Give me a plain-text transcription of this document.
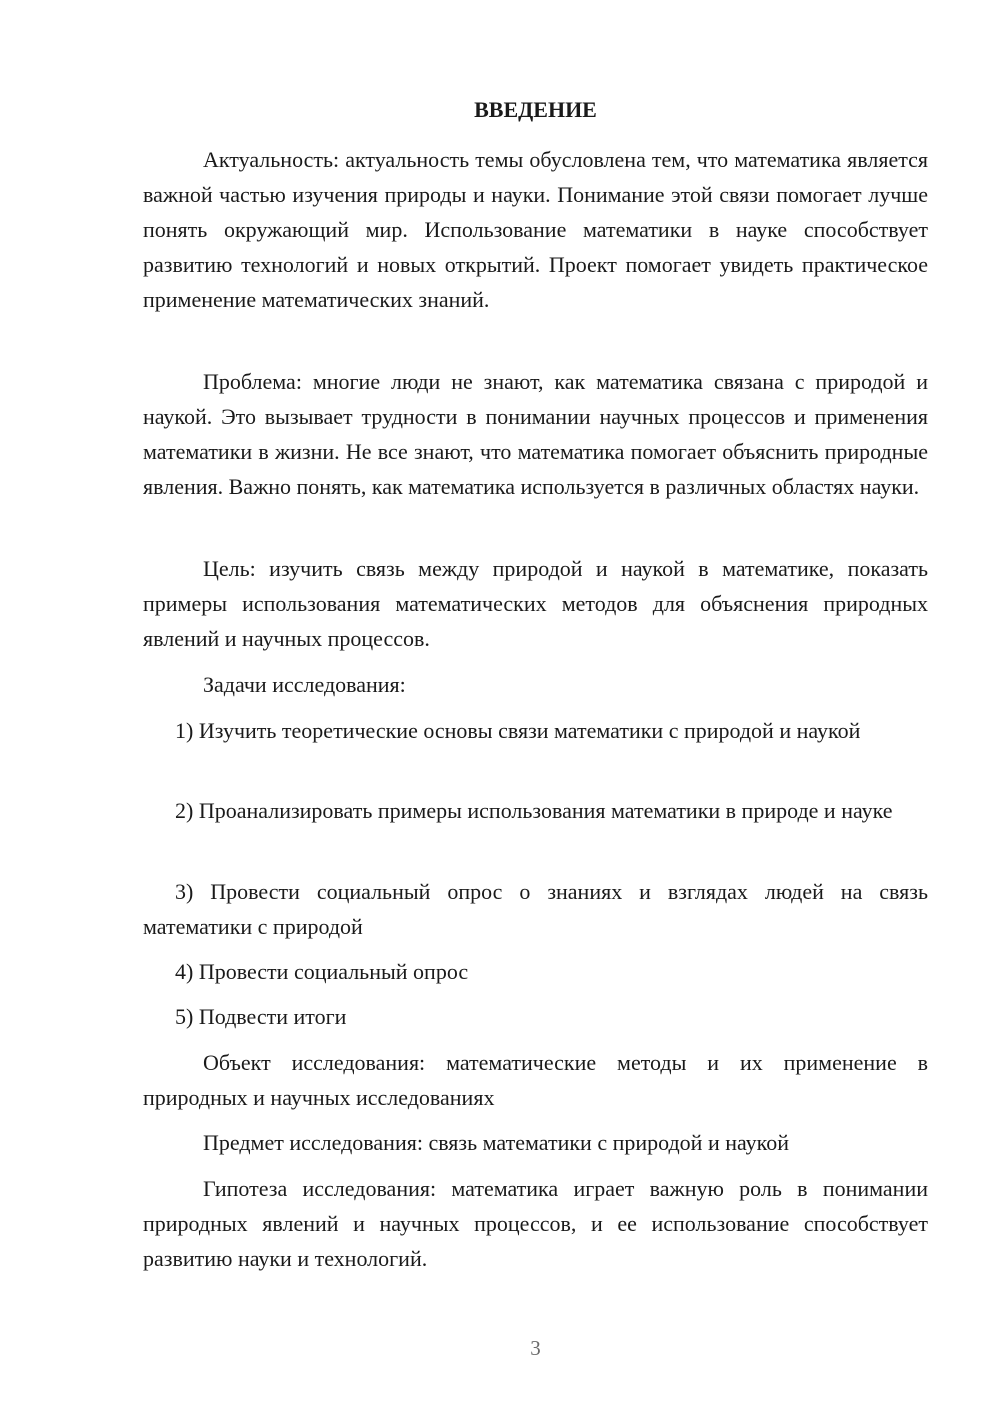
ВВЕДЕНИЕ

Актуальность: актуальность темы обусловлена тем, что математика является важной частью изучения природы и науки. Понимание этой связи помогает лучше понять окружающий мир. Использование математики в науке способствует развитию технологий и новых открытий. Проект помогает увидеть практическое применение математических знаний.

Проблема: многие люди не знают, как математика связана с природой и наукой. Это вызывает трудности в понимании научных процессов и применения математики в жизни. Не все знают, что математика помогает объяснить природные явления. Важно понять, как математика используется в различных областях науки.

Цель: изучить связь между природой и наукой в математике, показать примеры использования математических методов для объяснения природных явлений и научных процессов.

Задачи исследования:

1) Изучить теоретические основы связи математики с природой и наукой

2) Проанализировать примеры использования математики в природе и науке

3) Провести социальный опрос о знаниях и взглядах людей на связь математики с природой

4) Провести социальный опрос

5) Подвести итоги

Объект исследования: математические методы и их применение в природных и научных исследованиях

Предмет исследования: связь математики с природой и наукой

Гипотеза исследования: математика играет важную роль в понимании природных явлений и научных процессов, и ее использование способствует развитию науки и технологий.

3
